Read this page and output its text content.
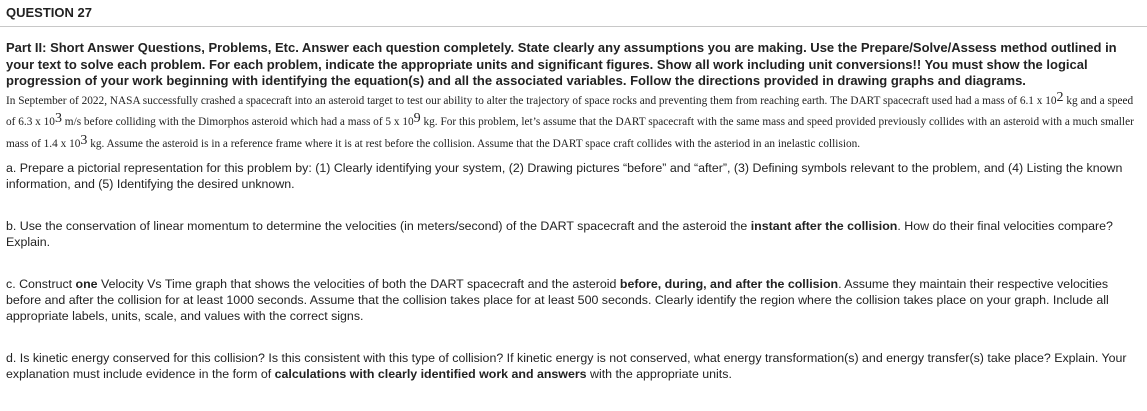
QUESTION 27

Part II: Short Answer Questions, Problems, Etc. Answer each question completely. State clearly any assumptions you are making. Use the Prepare/Solve/Assess method outlined in your text to solve each problem. For each problem, indicate the appropriate units and significant figures. Show all work including unit conversions!! You must show the logical progression of your work beginning with identifying the equation(s) and all the associated variables. Follow the directions provided in drawing graphs and diagrams.

In September of 2022, NASA successfully crashed a spacecraft into an asteroid target to test our ability to alter the trajectory of space rocks and preventing them from reaching earth. The DART spacecraft used had a mass of 6.1 x $10^2$ kg and a speed of 6.3 x $10^3$ m/s before colliding with the Dimorphos asteroid which had a mass of 5 x $10^9$ kg. For this problem, let’s assume that the DART spacecraft with the same mass and speed provided previously collides with an asteroid with a much smaller mass of 1.4 x $10^3$ kg. Assume the asteroid is in a reference frame where it is at rest before the collision. Assume that the DART space craft collides with the asteriod in an inelastic collision.

a. Prepare a pictorial representation for this problem by: (1) Clearly identifying your system, (2) Drawing pictures “before” and “after”, (3) Defining symbols relevant to the problem, and (4) Listing the known information, and (5) Identifying the desired unknown.

b. Use the conservation of linear momentum to determine the velocities (in meters/second) of the DART spacecraft and the asteroid the instant after the collision. How do their final velocities compare? Explain.

c. Construct one Velocity Vs Time graph that shows the velocities of both the DART spacecraft and the asteroid before, during, and after the collision. Assume they maintain their respective velocities before and after the collision for at least 1000 seconds. Assume that the collision takes place for at least 500 seconds. Clearly identify the region where the collision takes place on your graph. Include all appropriate labels, units, scale, and values with the correct signs.

d. Is kinetic energy conserved for this collision? Is this consistent with this type of collision? If kinetic energy is not conserved, what energy transformation(s) and energy transfer(s) take place? Explain. Your explanation must include evidence in the form of calculations with clearly identified work and answers with the appropriate units.
